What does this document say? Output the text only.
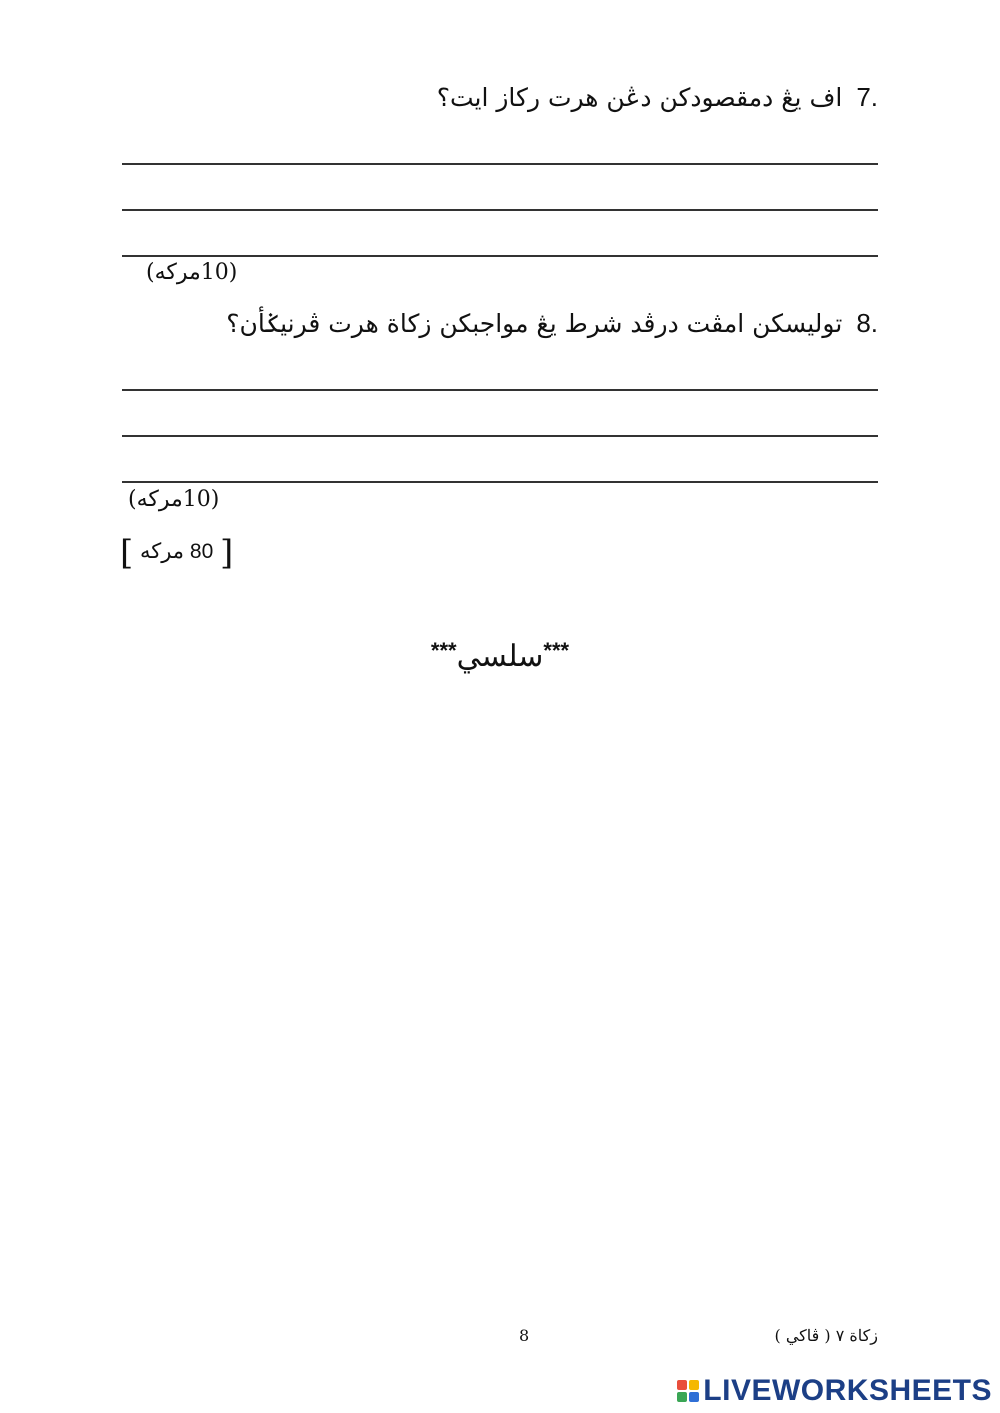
7.
اف يڠ دمقصودکن دڠن هرت رکاز ايت؟
(10مرکه)
8.
توليسکن امڤت درڤد شرط يڠ مواجبکن زکاة هرت ڤرنيݢأن؟
(10مرکه)
[ 80 مرکه ]
***سلسي***
8	زکاة ٧ ( ڤاکي )
LIVEWORKSHEETS
